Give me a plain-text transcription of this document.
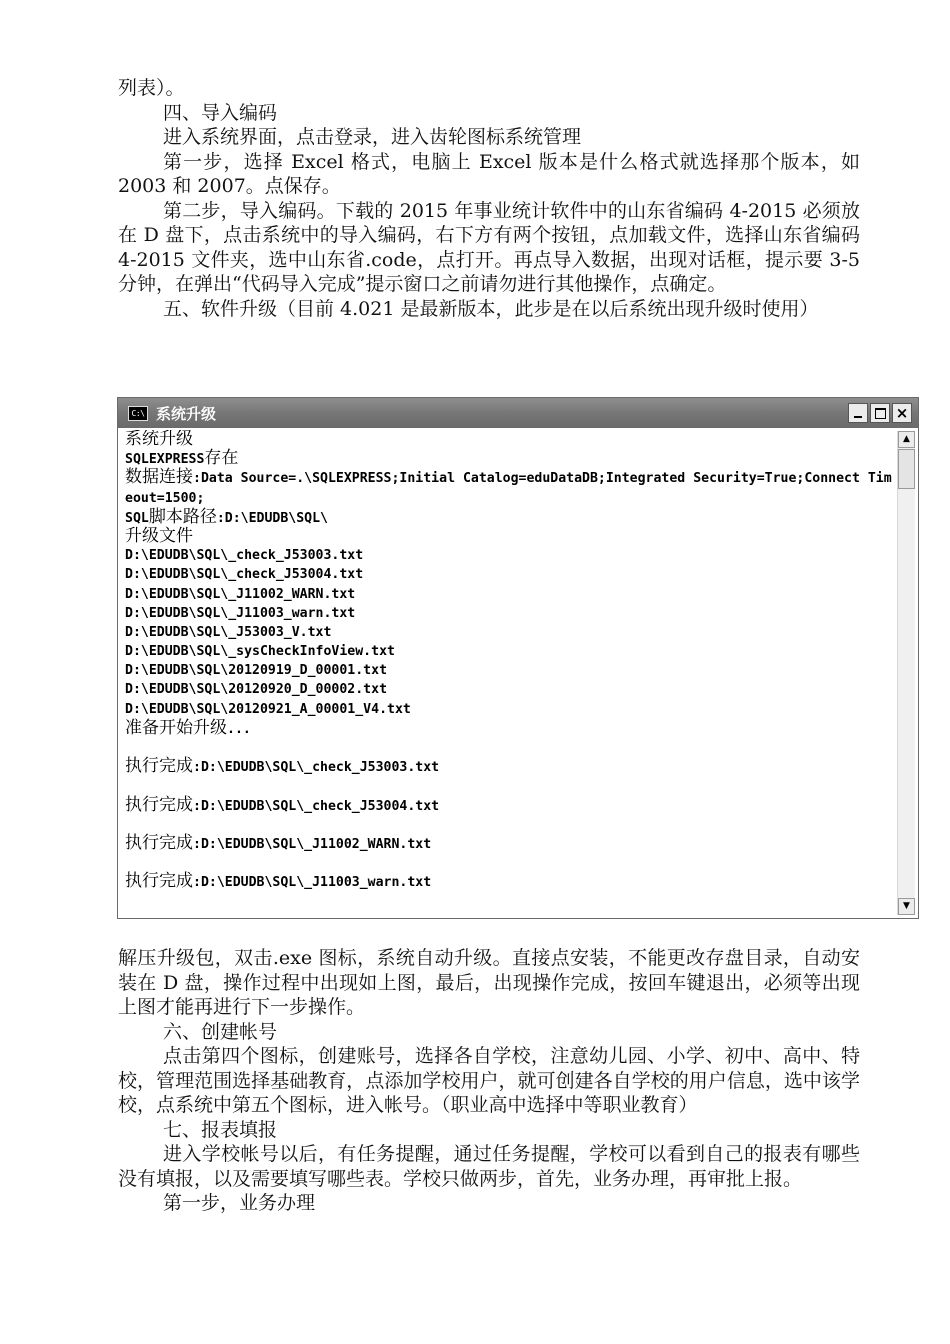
列表）。

四、导入编码

进入系统界面，点击登录，进入齿轮图标系统管理

第一步，选择 Excel 格式，电脑上 Excel 版本是什么格式就选择那个版本，如 2003 和 2007。点保存。

第二步，导入编码。下载的 2015 年事业统计软件中的山东省编码 4-2015 必须放在 D 盘下，点击系统中的导入编码，右下方有两个按钮，点加载文件，选择山东省编码 4-2015 文件夹，选中山东省.code，点打开。再点导入数据，出现对话框，提示要 3-5 分钟，在弹出“代码导入完成”提示窗口之前请勿进行其他操作，点确定。

五、软件升级（目前 4.021 是最新版本，此步是在以后系统出现升级时使用）

解压升级包，双击.exe 图标，系统自动升级。直接点安装，不能更改存盘目录，自动安装在 D 盘，操作过程中出现如上图，最后，出现操作完成，按回车键退出，必须等出现上图才能再进行下一步操作。

六、创建帐号

点击第四个图标，创建账号，选择各自学校，注意幼儿园、小学、初中、高中、特校，管理范围选择基础教育，点添加学校用户，就可创建各自学校的用户信息，选中该学校，点系统中第五个图标，进入帐号。（职业高中选择中等职业教育）

七、报表填报

进入学校帐号以后，有任务提醒，通过任务提醒，学校可以看到自己的报表有哪些没有填报，以及需要填写哪些表。学校只做两步，首先，业务办理，再审批上报。

第一步，业务办理

C:\ 系统升级	×
系统升级
SQLEXPRESS存在
数据连接:Data Source=.\SQLEXPRESS;Initial Catalog=eduDataDB;Integrated Security=True;Connect Timeout=1500;
SQL脚本路径:D:\EDUDB\SQL\
升级文件
D:\EDUDB\SQL\_check_J53003.txt
D:\EDUDB\SQL\_check_J53004.txt
D:\EDUDB\SQL\_J11002_WARN.txt
D:\EDUDB\SQL\_J11003_warn.txt
D:\EDUDB\SQL\_J53003_V.txt
D:\EDUDB\SQL\_sysCheckInfoView.txt
D:\EDUDB\SQL\20120919_D_00001.txt
D:\EDUDB\SQL\20120920_D_00002.txt
D:\EDUDB\SQL\20120921_A_00001_V4.txt
准备开始升级...
执行完成:D:\EDUDB\SQL\_check_J53003.txt
执行完成:D:\EDUDB\SQL\_check_J53004.txt
执行完成:D:\EDUDB\SQL\_J11002_WARN.txt
执行完成:D:\EDUDB\SQL\_J11003_warn.txt
▲
▼
